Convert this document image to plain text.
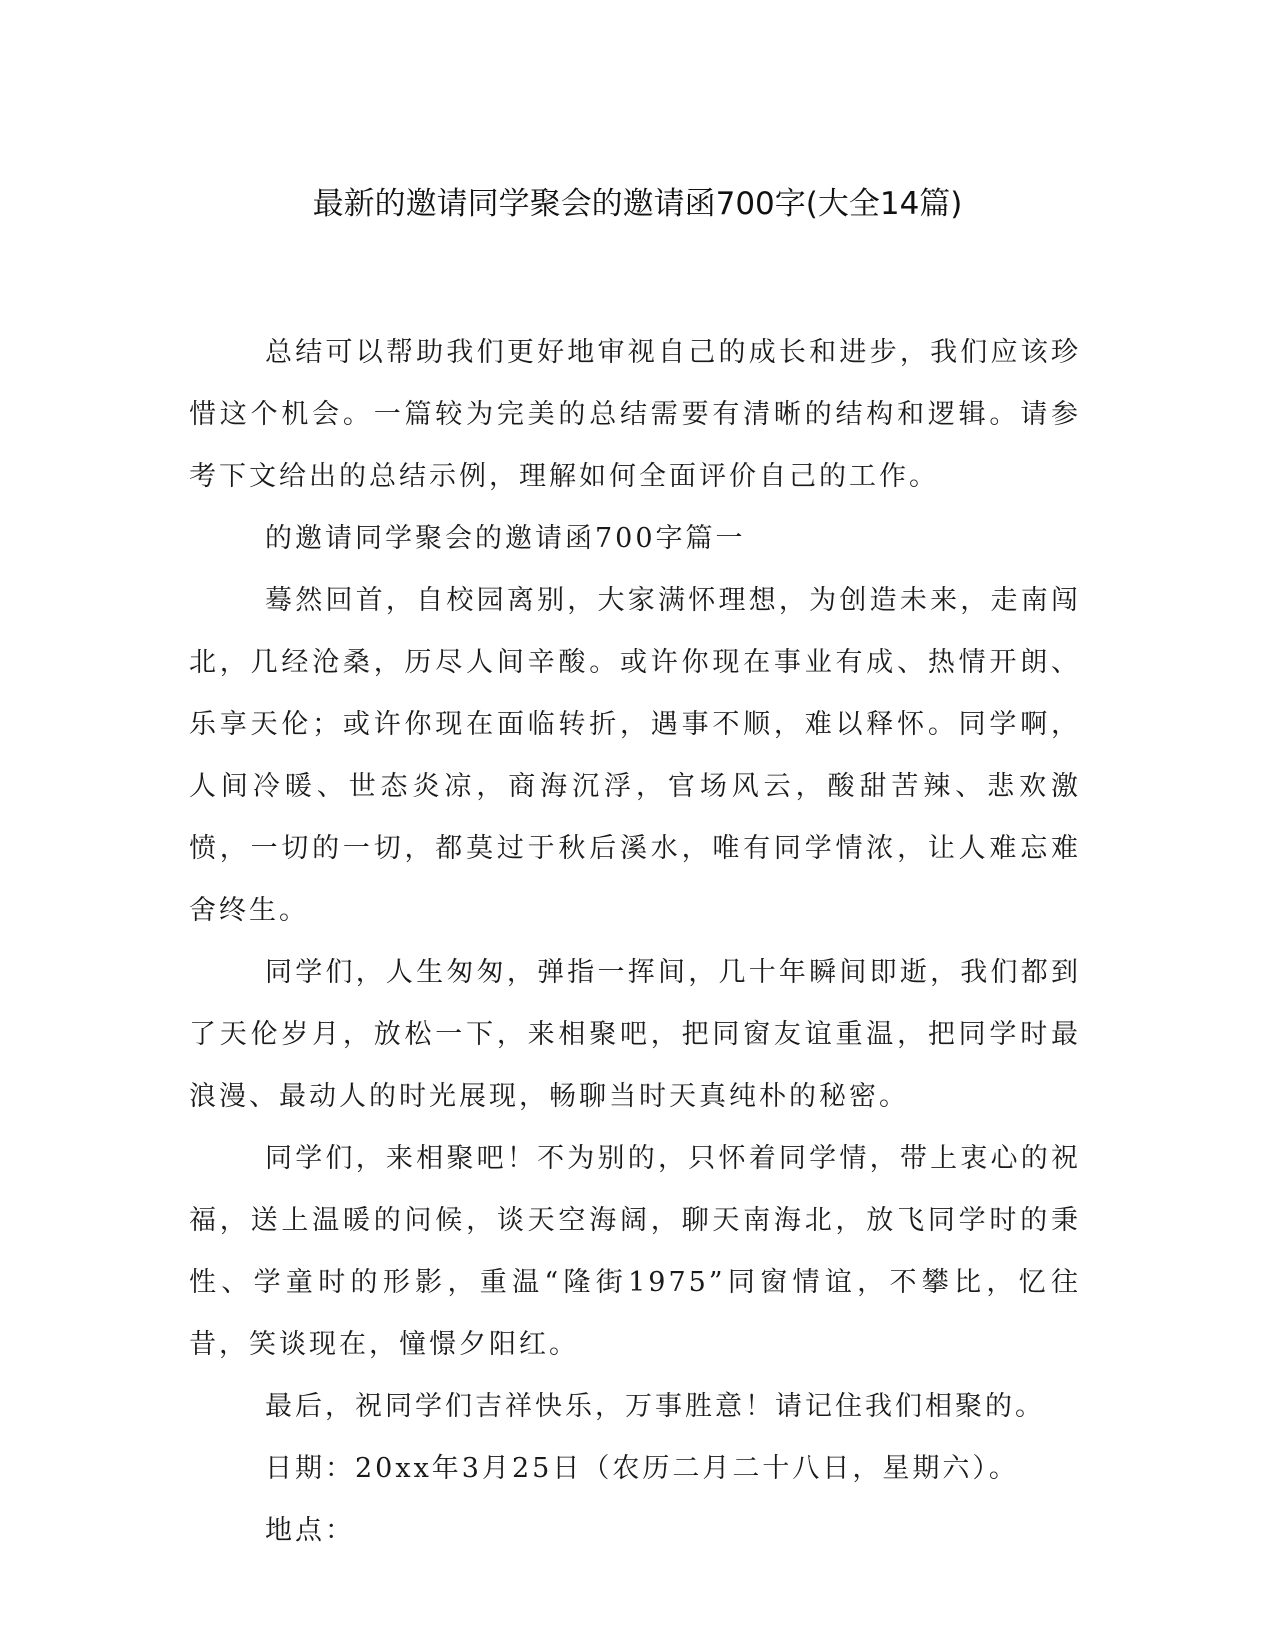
最新的邀请同学聚会的邀请函700字(大全14篇)

总结可以帮助我们更好地审视自己的成长和进步，我们应该珍惜这个机会。一篇较为完美的总结需要有清晰的结构和逻辑。请参考下文给出的总结示例，理解如何全面评价自己的工作。

的邀请同学聚会的邀请函700字篇一

蓦然回首，自校园离别，大家满怀理想，为创造未来，走南闯北，几经沧桑，历尽人间辛酸。或许你现在事业有成、热情开朗、乐享天伦；或许你现在面临转折，遇事不顺，难以释怀。同学啊，人间冷暖、世态炎凉，商海沉浮，官场风云，酸甜苦辣、悲欢激愤，一切的一切，都莫过于秋后溪水，唯有同学情浓，让人难忘难舍终生。

同学们，人生匆匆，弹指一挥间，几十年瞬间即逝，我们都到了天伦岁月，放松一下，来相聚吧，把同窗友谊重温，把同学时最浪漫、最动人的时光展现，畅聊当时天真纯朴的秘密。

同学们，来相聚吧！不为别的，只怀着同学情，带上衷心的祝福，送上温暖的问候，谈天空海阔，聊天南海北，放飞同学时的秉性、学童时的形影，重温“隆街1975”同窗情谊，不攀比，忆往昔，笑谈现在，憧憬夕阳红。

最后，祝同学们吉祥快乐，万事胜意！请记住我们相聚的。

日期：20xx年3月25日（农历二月二十八日，星期六）。

地点：
